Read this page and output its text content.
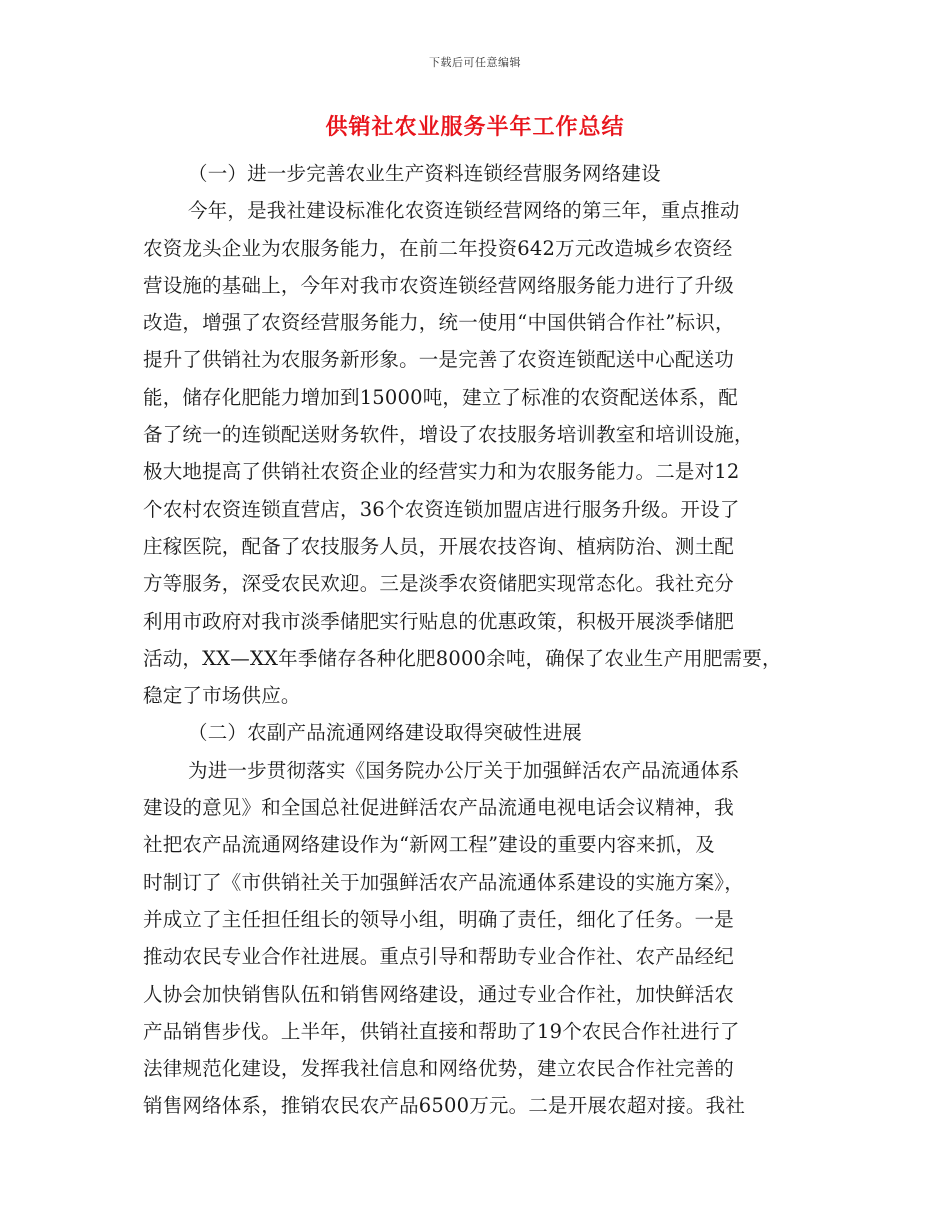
下载后可任意编辑
供销社农业服务半年工作总结
（一）进一步完善农业生产资料连锁经营服务网络建设
今年，是我社建设标准化农资连锁经营网络的第三年，重点推动
农资龙头企业为农服务能力，在前二年投资642万元改造城乡农资经
营设施的基础上，今年对我市农资连锁经营网络服务能力进行了升级
改造，增强了农资经营服务能力，统一使用“中国供销合作社”标识，
提升了供销社为农服务新形象。一是完善了农资连锁配送中心配送功
能，储存化肥能力增加到15000吨，建立了标准的农资配送体系，配
备了统一的连锁配送财务软件，增设了农技服务培训教室和培训设施，
极大地提高了供销社农资企业的经营实力和为农服务能力。二是对12
个农村农资连锁直营店，36个农资连锁加盟店进行服务升级。开设了
庄稼医院，配备了农技服务人员，开展农技咨询、植病防治、测土配
方等服务，深受农民欢迎。三是淡季农资储肥实现常态化。我社充分
利用市政府对我市淡季储肥实行贴息的优惠政策，积极开展淡季储肥
活动，XX—XX年季储存各种化肥8000余吨，确保了农业生产用肥需要，
稳定了市场供应。
（二）农副产品流通网络建设取得突破性进展
为进一步贯彻落实《国务院办公厅关于加强鲜活农产品流通体系
建设的意见》和全国总社促进鲜活农产品流通电视电话会议精神，我
社把农产品流通网络建设作为“新网工程”建设的重要内容来抓，及
时制订了《市供销社关于加强鲜活农产品流通体系建设的实施方案》，
并成立了主任担任组长的领导小组，明确了责任，细化了任务。一是
推动农民专业合作社进展。重点引导和帮助专业合作社、农产品经纪
人协会加快销售队伍和销售网络建设，通过专业合作社，加快鲜活农
产品销售步伐。上半年，供销社直接和帮助了19个农民合作社进行了
法律规范化建设，发挥我社信息和网络优势，建立农民合作社完善的
销售网络体系，推销农民农产品6500万元。二是开展农超对接。我社
